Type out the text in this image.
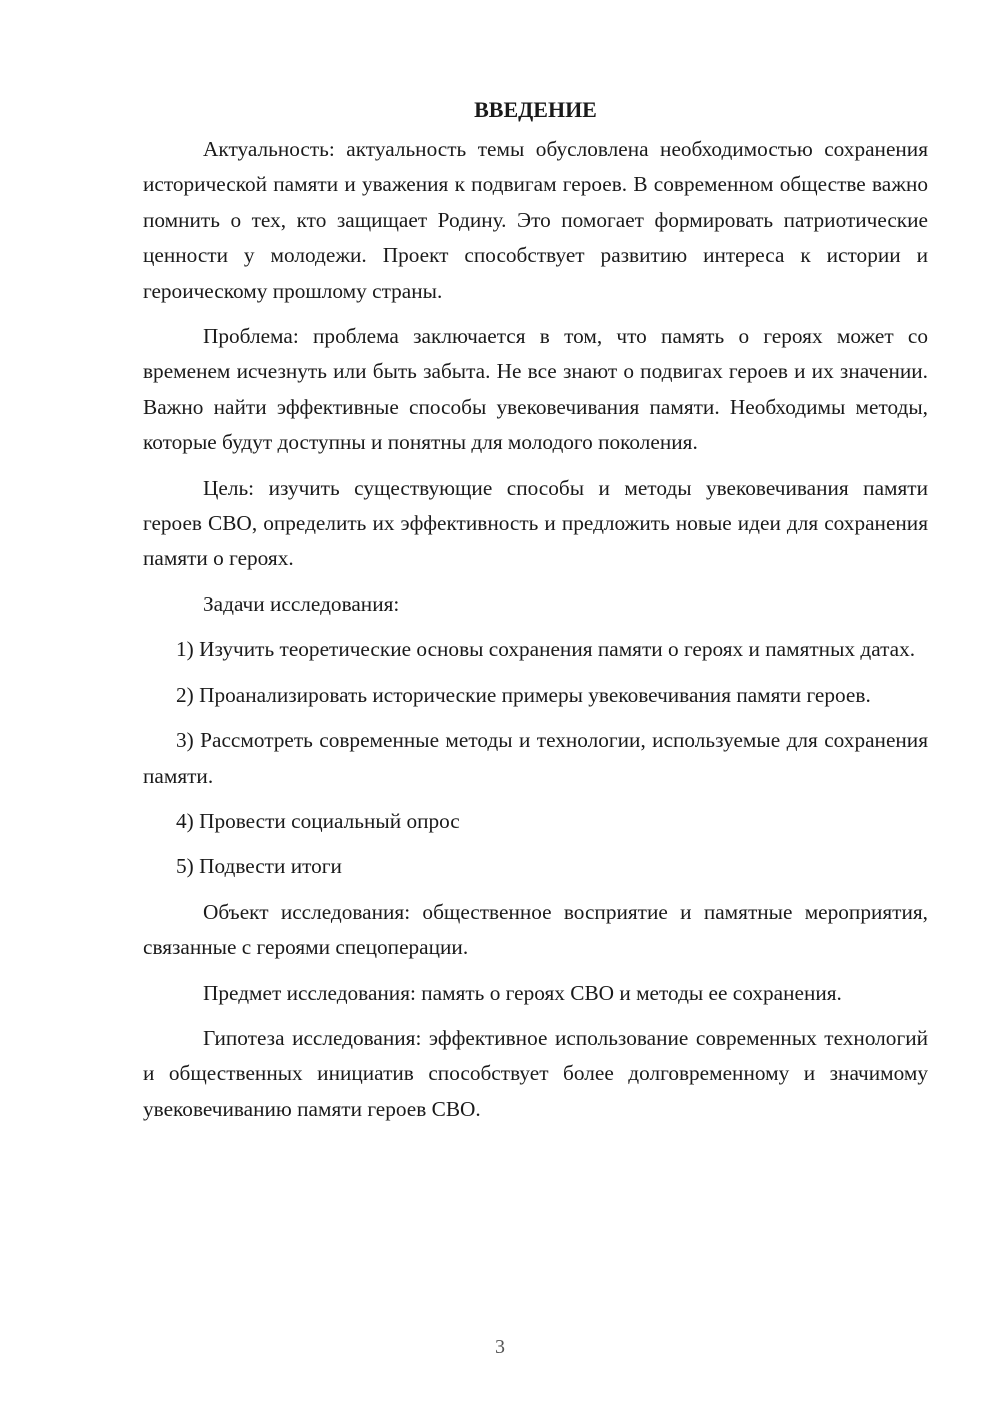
ВВЕДЕНИЕ

Актуальность: актуальность темы обусловлена необходимостью сохранения исторической памяти и уважения к подвигам героев. В современном обществе важно помнить о тех, кто защищает Родину. Это помогает формировать патриотические ценности у молодежи. Проект способствует развитию интереса к истории и героическому прошлому страны.

Проблема: проблема заключается в том, что память о героях может со временем исчезнуть или быть забыта. Не все знают о подвигах героев и их значении. Важно найти эффективные способы увековечивания памяти. Необходимы методы, которые будут доступны и понятны для молодого поколения.

Цель: изучить существующие способы и методы увековечивания памяти героев СВО, определить их эффективность и предложить новые идеи для сохранения памяти о героях.

Задачи исследования:

1) Изучить теоретические основы сохранения памяти о героях и памятных датах.

2) Проанализировать исторические примеры увековечивания памяти героев.

3) Рассмотреть современные методы и технологии, используемые для сохранения памяти.

4) Провести социальный опрос

5) Подвести итоги

Объект исследования: общественное восприятие и памятные мероприятия, связанные с героями спецоперации.

Предмет исследования: память о героях СВО и методы ее сохранения.

Гипотеза исследования: эффективное использование современных технологий и общественных инициатив способствует более долговременному и значимому увековечиванию памяти героев СВО.

3
